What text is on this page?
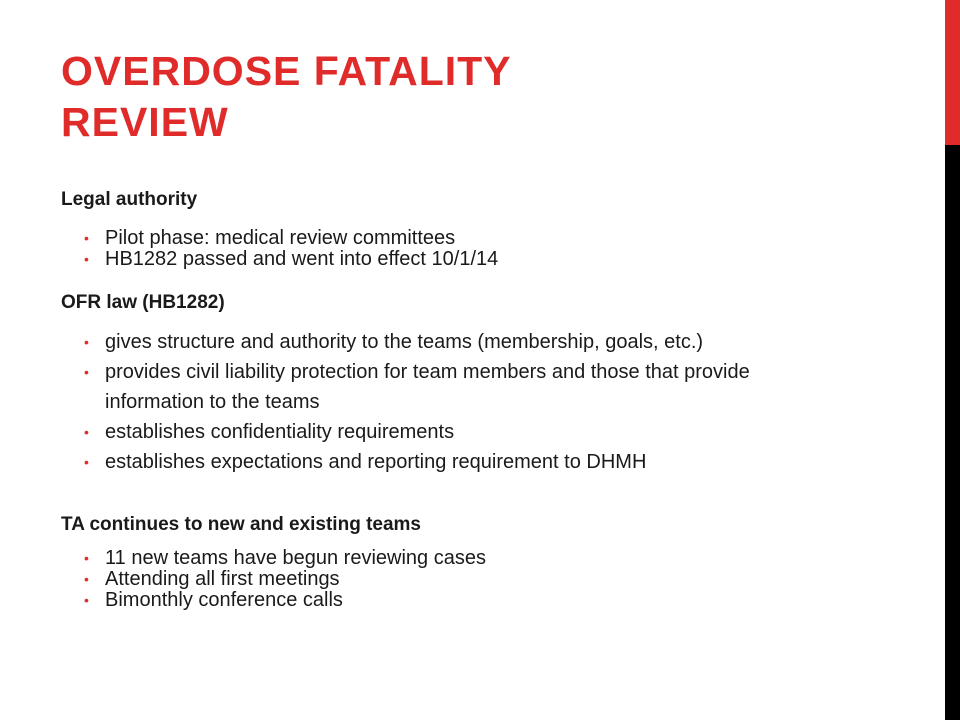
OVERDOSE FATALITY
REVIEW

Legal authority

• Pilot phase: medical review committees
• HB1282 passed and went into effect 10/1/14

OFR law (HB1282)

• gives structure and authority to the teams (membership, goals, etc.)
• provides civil liability protection for team members and those that provide information to the teams
• establishes confidentiality requirements
• establishes expectations and reporting requirement to DHMH

TA continues to new and existing teams

• 11 new teams have begun reviewing cases
• Attending all first meetings
• Bimonthly conference calls
